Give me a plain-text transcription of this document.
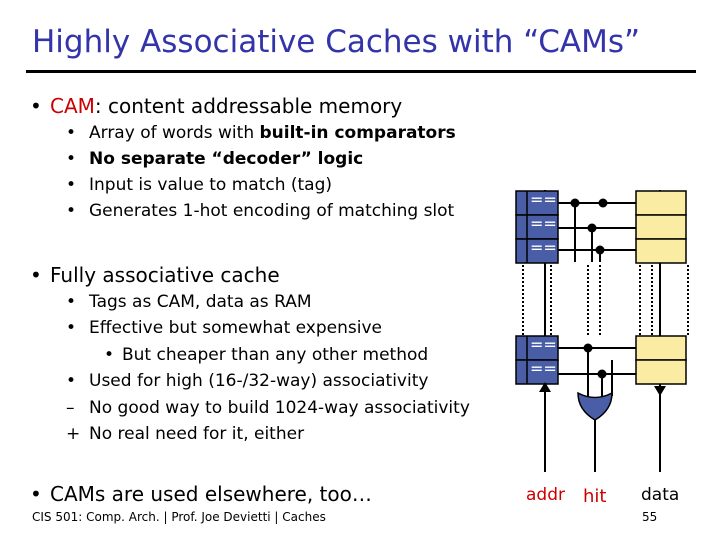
Highly Associative Caches with “CAMs”
• CAM: content addressable memory
• Array of words with built-in comparators
• No separate “decoder” logic
• Input is value to match (tag)
• Generates 1-hot encoding of matching slot
• Fully associative cache
• Tags as CAM, data as RAM
• Effective but somewhat expensive
• But cheaper than any other method
• Used for high (16-/32-way) associativity
– No good way to build 1024-way associativity
+ No real need for it, either
• CAMs are used elsewhere, too…
==
==
==
==
==
addr hit data
CIS 501: Comp. Arch. | Prof. Joe Devietti | Caches	55
